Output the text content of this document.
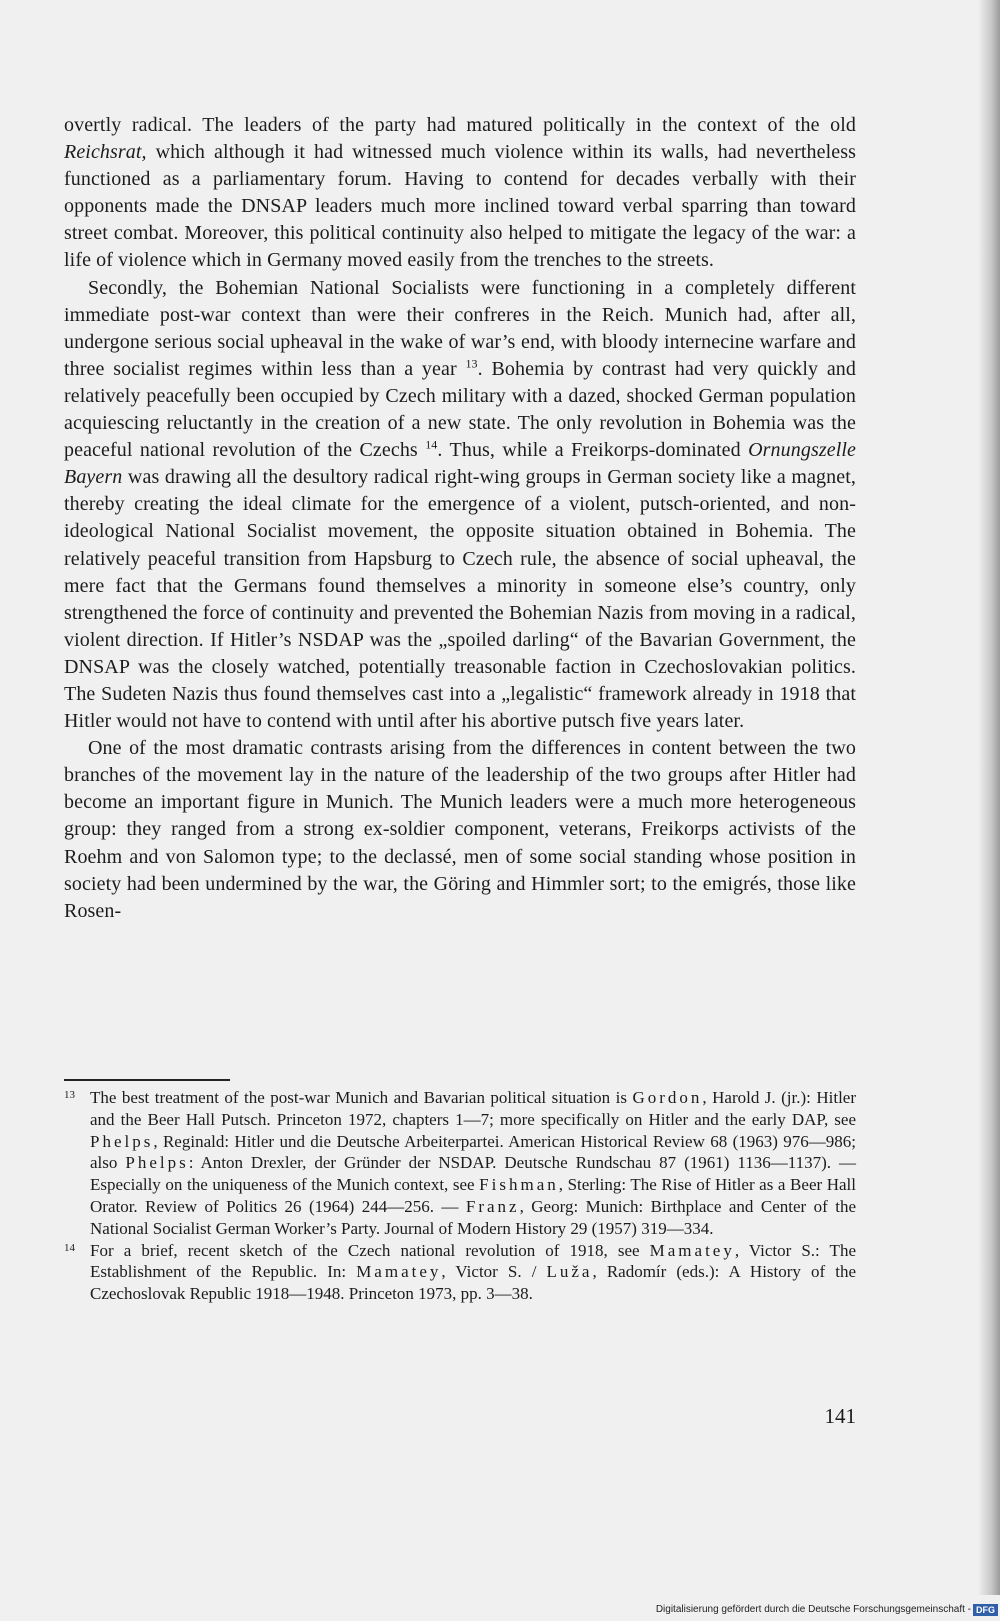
overtly radical. The leaders of the party had matured politically in the context of the old Reichsrat, which although it had witnessed much violence within its walls, had nevertheless functioned as a parliamentary forum. Having to contend for decades verbally with their opponents made the DNSAP leaders much more inclined toward verbal sparring than toward street combat. Moreover, this political continuity also helped to mitigate the legacy of the war: a life of violence which in Germany moved easily from the trenches to the streets.

Secondly, the Bohemian National Socialists were functioning in a completely different immediate post-war context than were their confreres in the Reich. Munich had, after all, undergone serious social upheaval in the wake of war’s end, with bloody internecine warfare and three socialist regimes within less than a year $^{13}$. Bohemia by contrast had very quickly and relatively peacefully been occupied by Czech military with a dazed, shocked German population acquiescing reluctantly in the creation of a new state. The only revolution in Bohemia was the peaceful national revolution of the Czechs $^{14}$. Thus, while a Freikorps-dominated Ornungszelle Bayern was drawing all the desultory radical right-wing groups in German society like a magnet, thereby creating the ideal climate for the emergence of a violent, putsch-oriented, and non-ideological National Socialist movement, the opposite situation obtained in Bohemia. The relatively peaceful transition from Hapsburg to Czech rule, the absence of social upheaval, the mere fact that the Germans found themselves a minority in someone else’s country, only strengthened the force of continuity and prevented the Bohemian Nazis from moving in a radical, violent direction. If Hitler’s NSDAP was the „spoiled darling“ of the Bavarian Government, the DNSAP was the closely watched, potentially treasonable faction in Czechoslovakian politics. The Sudeten Nazis thus found themselves cast into a „legalistic“ framework already in 1918 that Hitler would not have to contend with until after his abortive putsch five years later.

One of the most dramatic contrasts arising from the differences in content between the two branches of the movement lay in the nature of the leadership of the two groups after Hitler had become an important figure in Munich. The Munich leaders were a much more heterogeneous group: they ranged from a strong ex-soldier component, veterans, Freikorps activists of the Roehm and von Salomon type; to the declassé, men of some social standing whose position in society had been undermined by the war, the Göring and Himmler sort; to the emigrés, those like Rosen-

13 The best treatment of the post-war Munich and Bavarian political situation is Gordon, Harold J. (jr.): Hitler and the Beer Hall Putsch. Princeton 1972, chapters 1—7; more specifically on Hitler and the early DAP, see Phelps, Reginald: Hitler und die Deutsche Arbeiterpartei. American Historical Review 68 (1963) 976—986; also Phelps: Anton Drexler, der Gründer der NSDAP. Deutsche Rundschau 87 (1961) 1136—1137). — Especially on the uniqueness of the Munich context, see Fishman, Sterling: The Rise of Hitler as a Beer Hall Orator. Review of Politics 26 (1964) 244—256. — Franz, Georg: Munich: Birthplace and Center of the National Socialist German Worker’s Party. Journal of Modern History 29 (1957) 319—334.

14 For a brief, recent sketch of the Czech national revolution of 1918, see Mamatey, Victor S.: The Establishment of the Republic. In: Mamatey, Victor S. / Luža, Radomír (eds.): A History of the Czechoslovak Republic 1918—1948. Princeton 1973, pp. 3—38.

141
Digitalisierung gefördert durch die Deutsche Forschungsgemeinschaft - DFG
